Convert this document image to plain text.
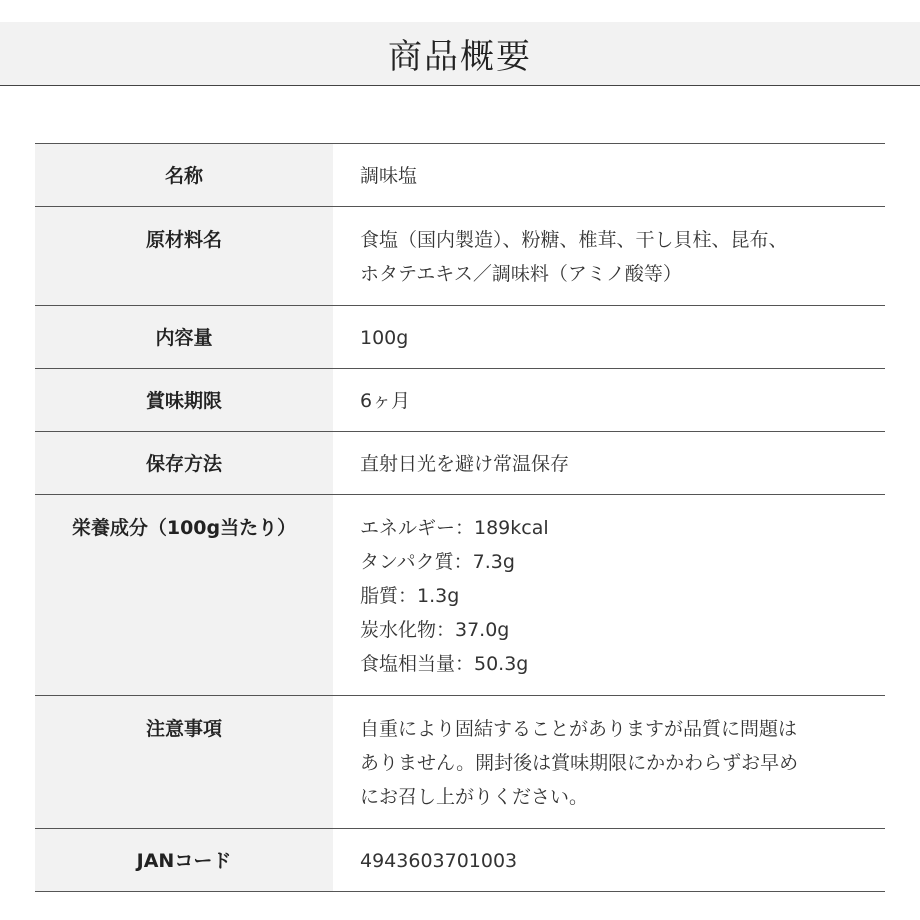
商品概要
名称	調味塩
原材料名	食塩（国内製造）、粉糖、椎茸、干し貝柱、昆布、
ホタテエキス／調味料（アミノ酸等）
内容量	100g
賞味期限	6ヶ月
保存方法	直射日光を避け常温保存
栄養成分（100g当たり）	エネルギー：189kcal
タンパク質：7.3g
脂質：1.3g
炭水化物：37.0g
食塩相当量：50.3g
注意事項	自重により固結することがありますが品質に問題は
ありません。開封後は賞味期限にかかわらずお早め
にお召し上がりください。
JANコード	4943603701003
